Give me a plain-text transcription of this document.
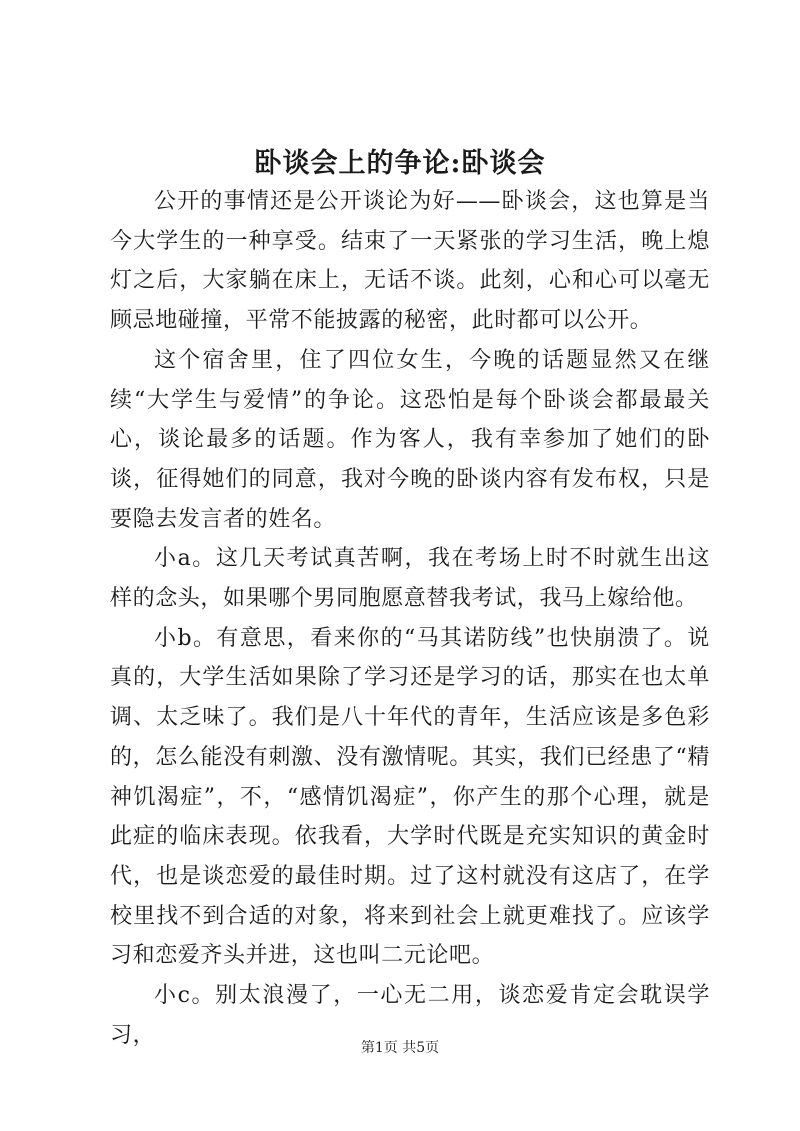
卧谈会上的争论:卧谈会

公开的事情还是公开谈论为好——卧谈会，这也算是当今大学生的一种享受。结束了一天紧张的学习生活，晚上熄灯之后，大家躺在床上，无话不谈。此刻，心和心可以毫无顾忌地碰撞，平常不能披露的秘密，此时都可以公开。

这个宿舍里，住了四位女生，今晚的话题显然又在继续“大学生与爱情”的争论。这恐怕是每个卧谈会都最最关心，谈论最多的话题。作为客人，我有幸参加了她们的卧谈，征得她们的同意，我对今晚的卧谈内容有发布权，只是要隐去发言者的姓名。

小a。这几天考试真苦啊，我在考场上时不时就生出这样的念头，如果哪个男同胞愿意替我考试，我马上嫁给他。

小b。有意思，看来你的“马其诺防线”也快崩溃了。说真的，大学生活如果除了学习还是学习的话，那实在也太单调、太乏味了。我们是八十年代的青年，生活应该是多色彩的，怎么能没有刺激、没有激情呢。其实，我们已经患了“精神饥渴症”，不，“感情饥渴症”，你产生的那个心理，就是此症的临床表现。依我看，大学时代既是充实知识的黄金时代，也是谈恋爱的最佳时期。过了这村就没有这店了，在学校里找不到合适的对象，将来到社会上就更难找了。应该学习和恋爱齐头并进，这也叫二元论吧。

小c。别太浪漫了，一心无二用，谈恋爱肯定会耽误学习，

第1页 共5页
